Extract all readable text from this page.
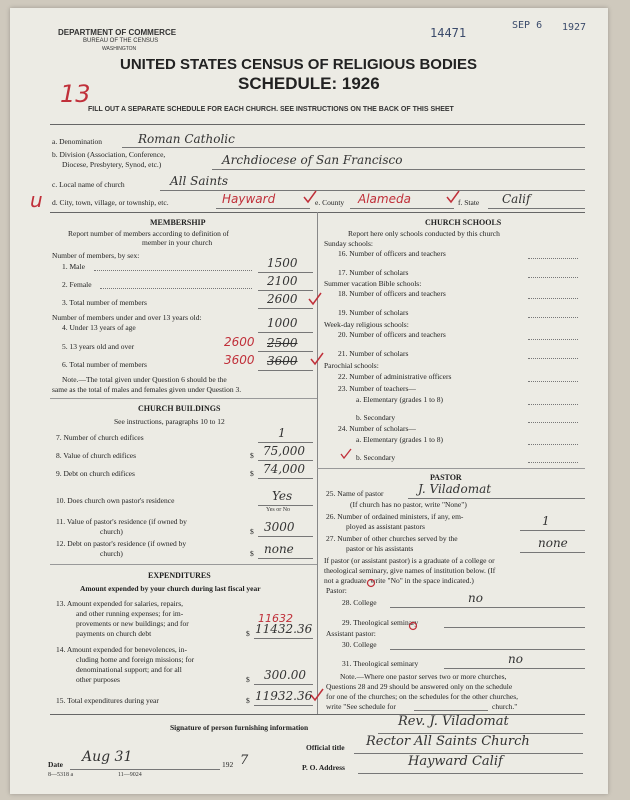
DEPARTMENT OF COMMERCE
BUREAU OF THE CENSUS
WASHINGTON
14471
SEP 6 1927
UNITED STATES CENSUS OF RELIGIOUS BODIES
SCHEDULE: 1926
13
FILL OUT A SEPARATE SCHEDULE FOR EACH CHURCH. SEE INSTRUCTIONS ON THE BACK OF THIS SHEET
a. Denomination	Roman Catholic
b. Division (Association, Conference,
Diocese, Presbytery, Synod, etc.)	Archdiocese of San Francisco
c. Local name of church	All Saints
u d. City, town, village, or township, etc.	Hayward	e. County Alameda	f. State Calif
MEMBERSHIP
Report number of members according to definition of
member in your church
Number of members, by sex:
1. Male	1500
2. Female	2100
3. Total number of members	2600
Number of members under and over 13 years old:
4. Under 13 years of age	1000
5. 13 years old and over	2600 2500
6. Total number of members	3600 3600
Note.—The total given under Question 6 should be the
same as the total of males and females given under Question 3.
CHURCH BUILDINGS
See instructions, paragraphs 10 to 12
7. Number of church edifices	1
8. Value of church edifices	$ 75,000
9. Debt on church edifices	$ 74,000
10. Does church own pastor's residence	Yes
Yes or No
11. Value of pastor's residence (if owned by
church)	$ 3000
12. Debt on pastor's residence (if owned by
church)	$ none
EXPENDITURES
Amount expended by your church during last fiscal year
13. Amount expended for salaries, repairs,
and other running expenses; for im-
provements or new buildings; and for
payments on church debt
11632
$ 11432.36
14. Amount expended for benevolences, in-
cluding home and foreign missions; for
denominational support; and for all
other purposes	$ 300.00
15. Total expenditures during year	$ 11932.36
CHURCH SCHOOLS
Report here only schools conducted by this church
Sunday schools:
16. Number of officers and teachers
17. Number of scholars
Summer vacation Bible schools:
18. Number of officers and teachers
19. Number of scholars
Week-day religious schools:
20. Number of officers and teachers
21. Number of scholars
Parochial schools:
22. Number of administrative officers
23. Number of teachers—
a. Elementary (grades 1 to 8)
b. Secondary
24. Number of scholars—
a. Elementary (grades 1 to 8)
b. Secondary
PASTOR
25. Name of pastor	J. Viladomat
(If church has no pastor, write "None")
26. Number of ordained ministers, if any, em-
ployed as assistant pastors	1
27. Number of other churches served by the
pastor or his assistants	none
If pastor (or assistant pastor) is a graduate of a college or
theological seminary, give names of institution below. (If
not a graduate, write "No" in the space indicated.)
Pastor:
28. College	no
29. Theological seminary
Assistant pastor:
30. College
31. Theological seminary	no
Note.—Where one pastor serves two or more churches,
Questions 28 and 29 should be answered only on the schedule
for one of the churches; on the schedules for the other churches,
write "See schedule for	church."
Signature of person furnishing information	Rev. J. Viladomat
Official title Rector All Saints Church
Date Aug 31	192 7	P. O. Address	Hayward Calif
8—5318 a	11—9024
